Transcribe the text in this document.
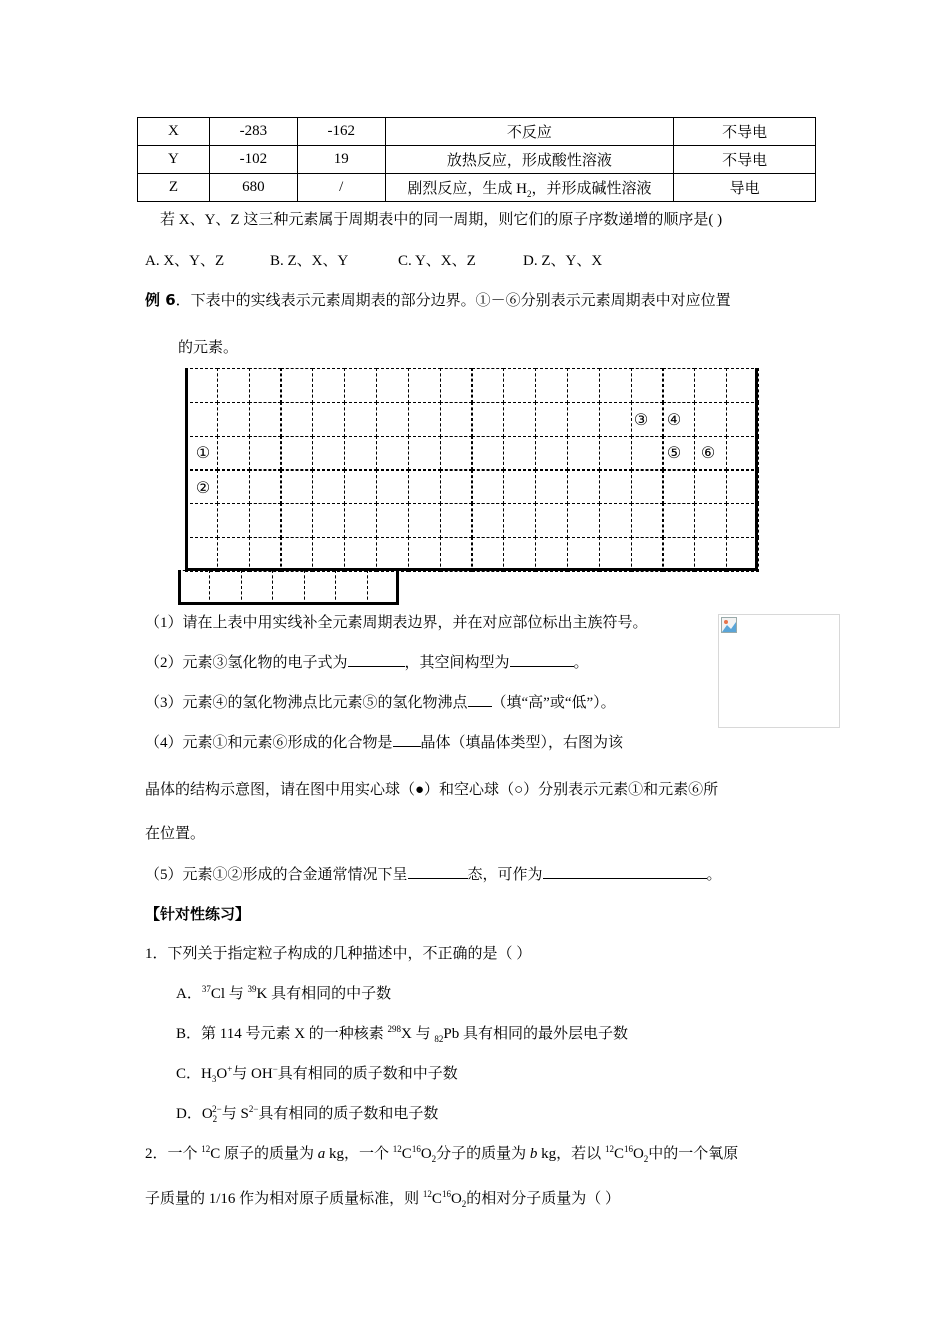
X	-283	-162	不反应	不导电
Y	-102	19	放热反应，形成酸性溶液	不导电
Z	680	/	剧烈反应，生成 $H_2$，并形成碱性溶液	导电
若 X、Y、Z 这三种元素属于周期表中的同一周期，则它们的原子序数递增的顺序是( )
A. X、Y、Z	B. Z、X、Y	C. Y、X、Z	D. Z、Y、X
例 6．下表中的实线表示元素周期表的部分边界。①－⑥分别表示元素周期表中对应位置
的元素。
①
②
③	④
⑤	⑥
（1）请在上表中用实线补全元素周期表边界，并在对应部位标出主族符号。
（2）元素③氢化物的电子式为	，其空间构型为	。
（3）元素④的氢化物沸点比元素⑤的氢化物沸点 （填“高”或“低”）。
（4）元素①和元素⑥形成的化合物是 晶体（填晶体类型），右图为该
晶体的结构示意图，请在图中用实心球（●）和空心球（○）分别表示元素①和元素⑥所
在位置。
（5）元素①②形成的合金通常情况下呈	态，可作为	。
【针对性练习】
1．下列关于指定粒子构成的几种描述中，不正确的是（ ）
A．$^{37}$Cl 与 $^{39}$K 具有相同的中子数
B．第 114 号元素 X 的一种核素 $^{298}$X 与 $_{82}$Pb 具有相同的最外层电子数
C．$H_3O^+$与 OH−具有相同的质子数和中子数
D．$O_2^{2-}$与 $S^{2-}$具有相同的质子数和电子数
2．一个 $^{12}$C 原子的质量为 a kg，一个 $^{12}C^{16}O_2$分子的质量为 b kg，若以 $^{12}C^{16}O_2$中的一个氧原
子质量的 1/16 作为相对原子质量标准，则 $^{12}C^{16}O_2$的相对分子质量为（ ）
